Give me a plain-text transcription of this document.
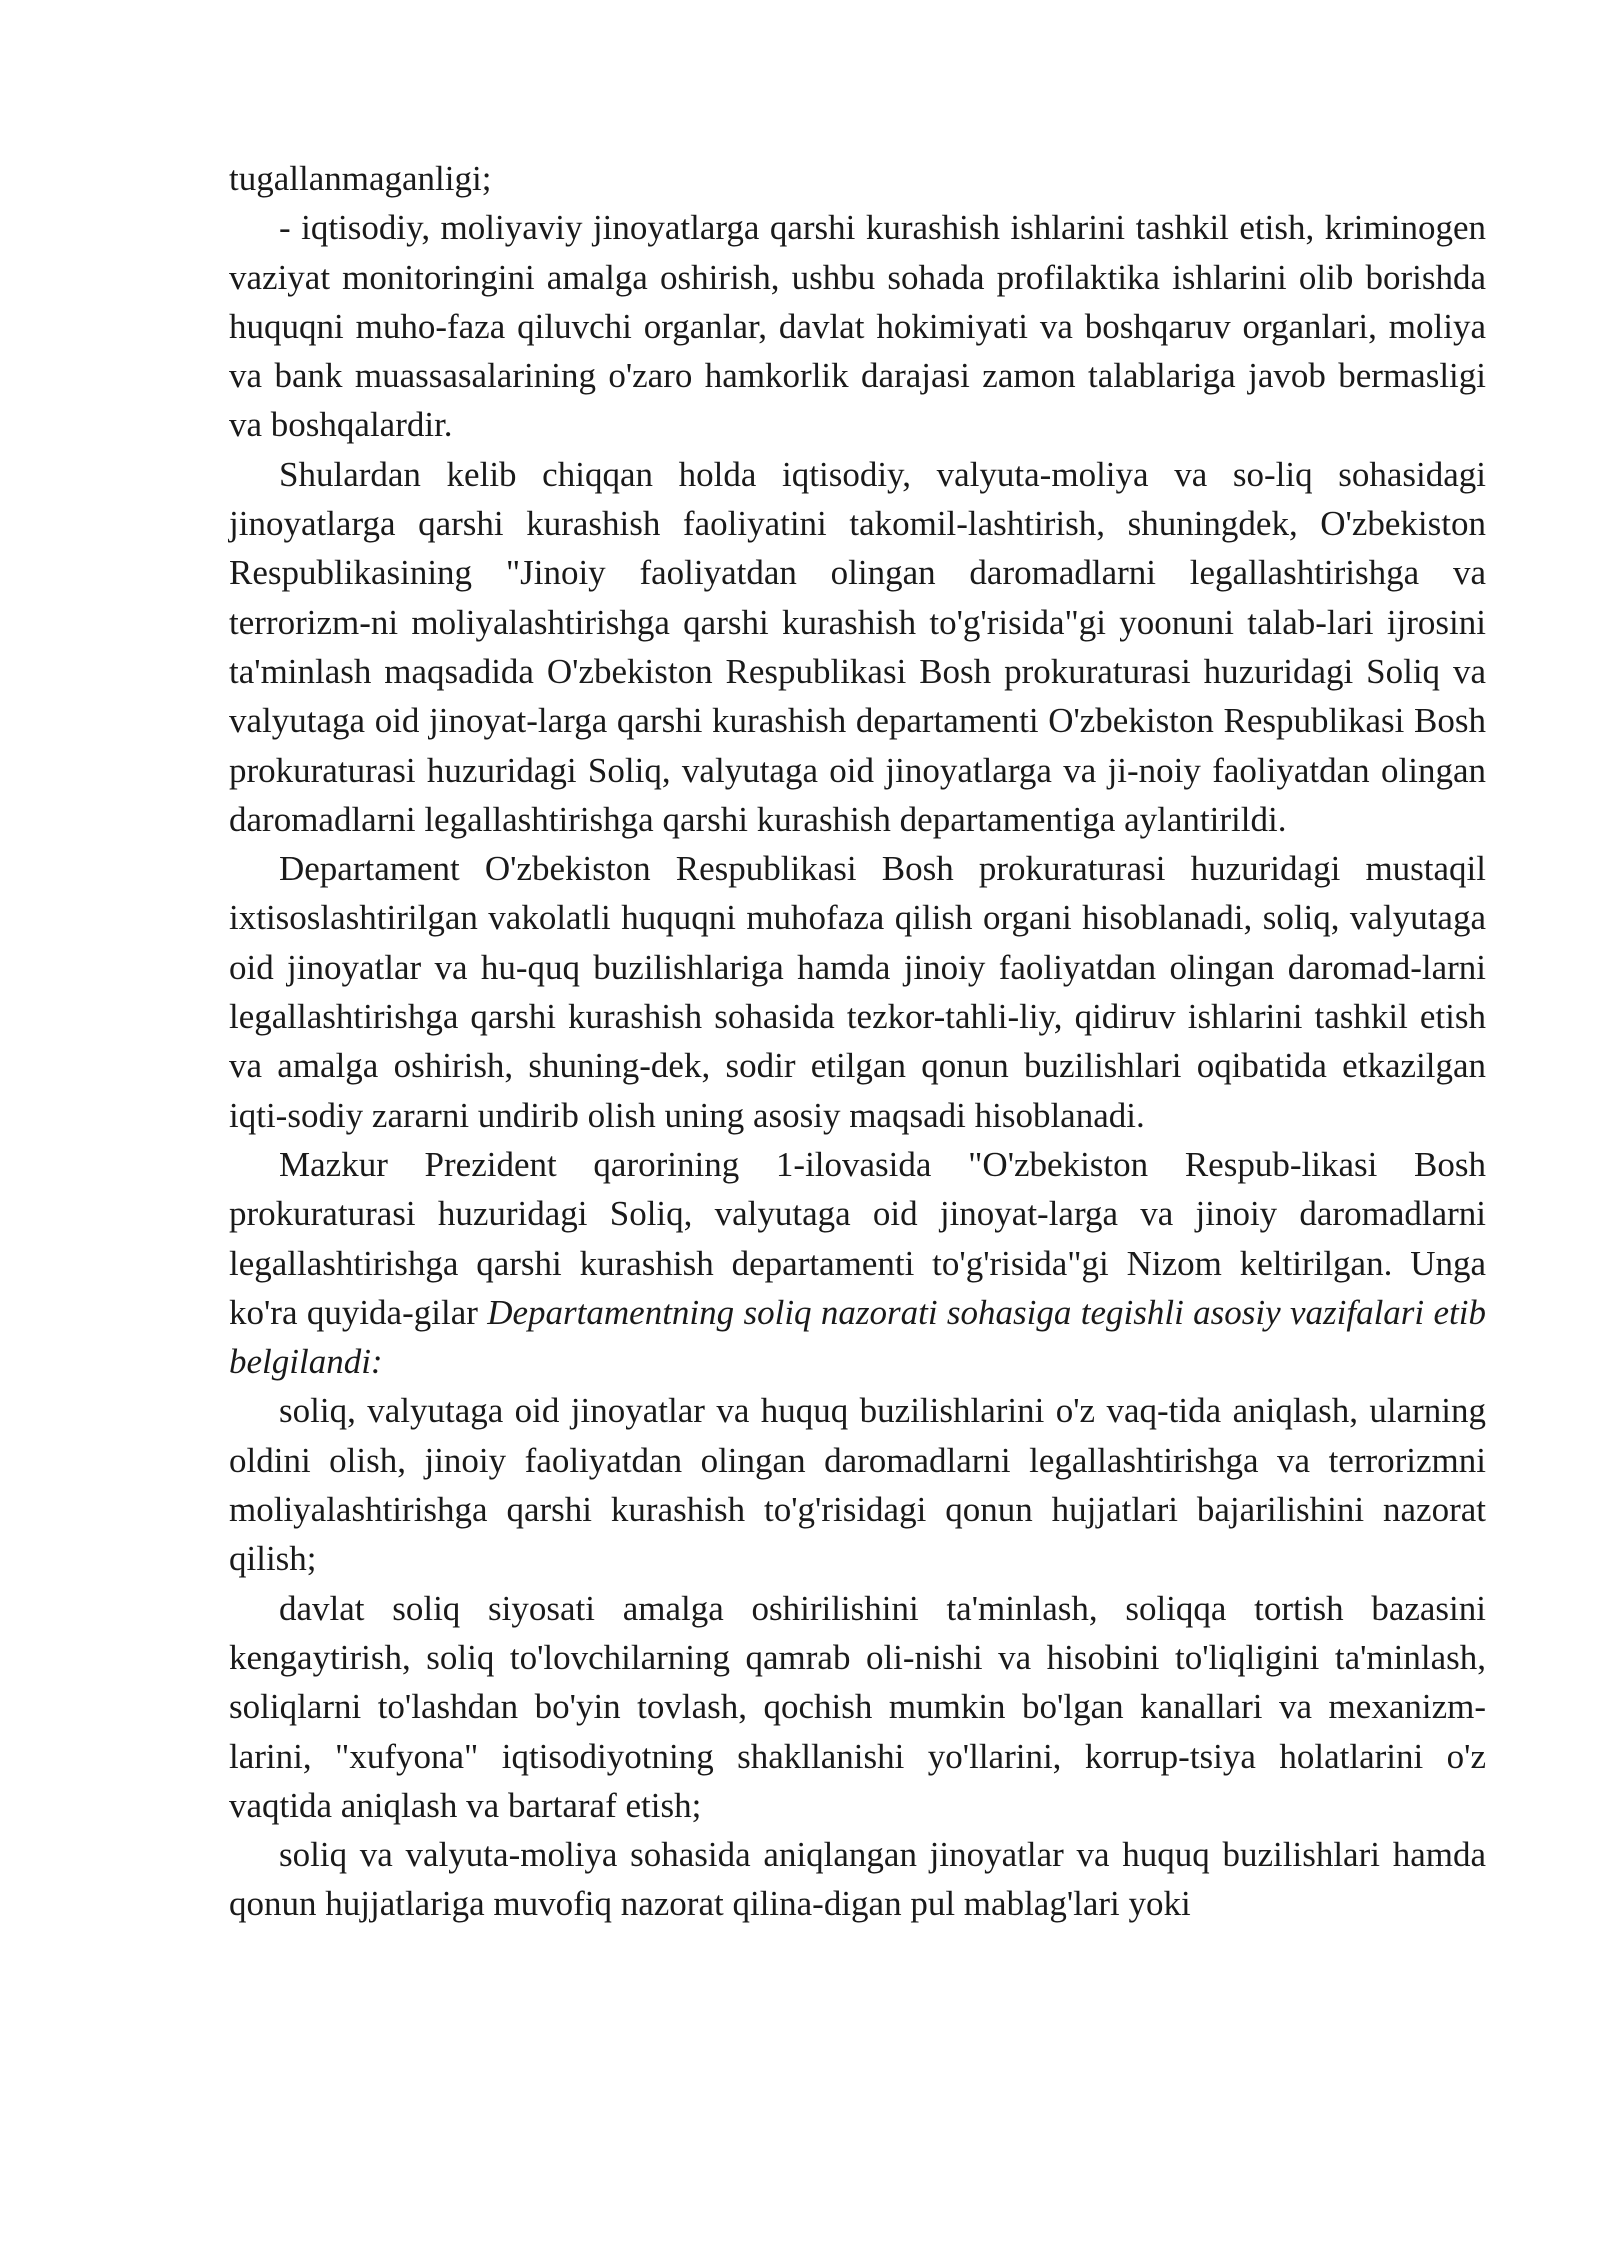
tugallanmaganligi;

- iqtisodiy, moliyaviy jinoyatlarga qarshi kurashish ishlarini tashkil etish, kriminogen vaziyat monitoringini amalga oshirish, ushbu sohada profilaktika ishlarini olib borishda huquqni muho-faza qiluvchi organlar, davlat hokimiyati va boshqaruv organlari, moliya va bank muassasalarining o'zaro hamkorlik darajasi zamon talablariga javob bermasligi va boshqalardir.

Shulardan kelib chiqqan holda iqtisodiy, valyuta-moliya va so-liq sohasidagi jinoyatlarga qarshi kurashish faoliyatini takomil-lashtirish, shuningdek, O'zbekiston Respublikasining "Jinoiy faoliyatdan olingan daromadlarni legallashtirishga va terrorizm-ni moliyalashtirishga qarshi kurashish to'g'risida"gi yoonuni talab-lari ijrosini ta'minlash maqsadida O'zbekiston Respublikasi Bosh prokuraturasi huzuridagi Soliq va valyutaga oid jinoyat-larga qarshi kurashish departamenti O'zbekiston Respublikasi Bosh prokuraturasi huzuridagi Soliq, valyutaga oid jinoyatlarga va ji-noiy faoliyatdan olingan daromadlarni legallashtirishga qarshi kurashish departamentiga aylantirildi.

Departament O'zbekiston Respublikasi Bosh prokuraturasi huzuridagi mustaqil ixtisoslashtirilgan vakolatli huquqni muhofaza qilish organi hisoblanadi, soliq, valyutaga oid jinoyatlar va hu-quq buzilishlariga hamda jinoiy faoliyatdan olingan daromad-larni legallashtirishga qarshi kurashish sohasida tezkor-tahli-liy, qidiruv ishlarini tashkil etish va amalga oshirish, shuning-dek, sodir etilgan qonun buzilishlari oqibatida etkazilgan iqti-sodiy zararni undirib olish uning asosiy maqsadi hisoblanadi.

Mazkur Prezident qarorining 1-ilovasida "O'zbekiston Respub-likasi Bosh prokuraturasi huzuridagi Soliq, valyutaga oid jinoyat-larga va jinoiy daromadlarni legallashtirishga qarshi kurashish departamenti to'g'risida"gi Nizom keltirilgan. Unga ko'ra quyida-gilar Departamentning soliq nazorati sohasiga tegishli asosiy vazifalari etib belgilandi:

soliq, valyutaga oid jinoyatlar va huquq buzilishlarini o'z vaq-tida aniqlash, ularning oldini olish, jinoiy faoliyatdan olingan daromadlarni legallashtirishga va terrorizmni moliyalashtirishga qarshi kurashish to'g'risidagi qonun hujjatlari bajarilishini nazorat qilish;

davlat soliq siyosati amalga oshirilishini ta'minlash, soliqqa tortish bazasini kengaytirish, soliq to'lovchilarning qamrab oli-nishi va hisobini to'liqligini ta'minlash, soliqlarni to'lashdan bo'yin tovlash, qochish mumkin bo'lgan kanallari va mexanizm-larini, "xufyona" iqtisodiyotning shakllanishi yo'llarini, korrup-tsiya holatlarini o'z vaqtida aniqlash va bartaraf etish;

soliq va valyuta-moliya sohasida aniqlangan jinoyatlar va huquq buzilishlari hamda qonun hujjatlariga muvofiq nazorat qilina-digan pul mablag'lari yoki
